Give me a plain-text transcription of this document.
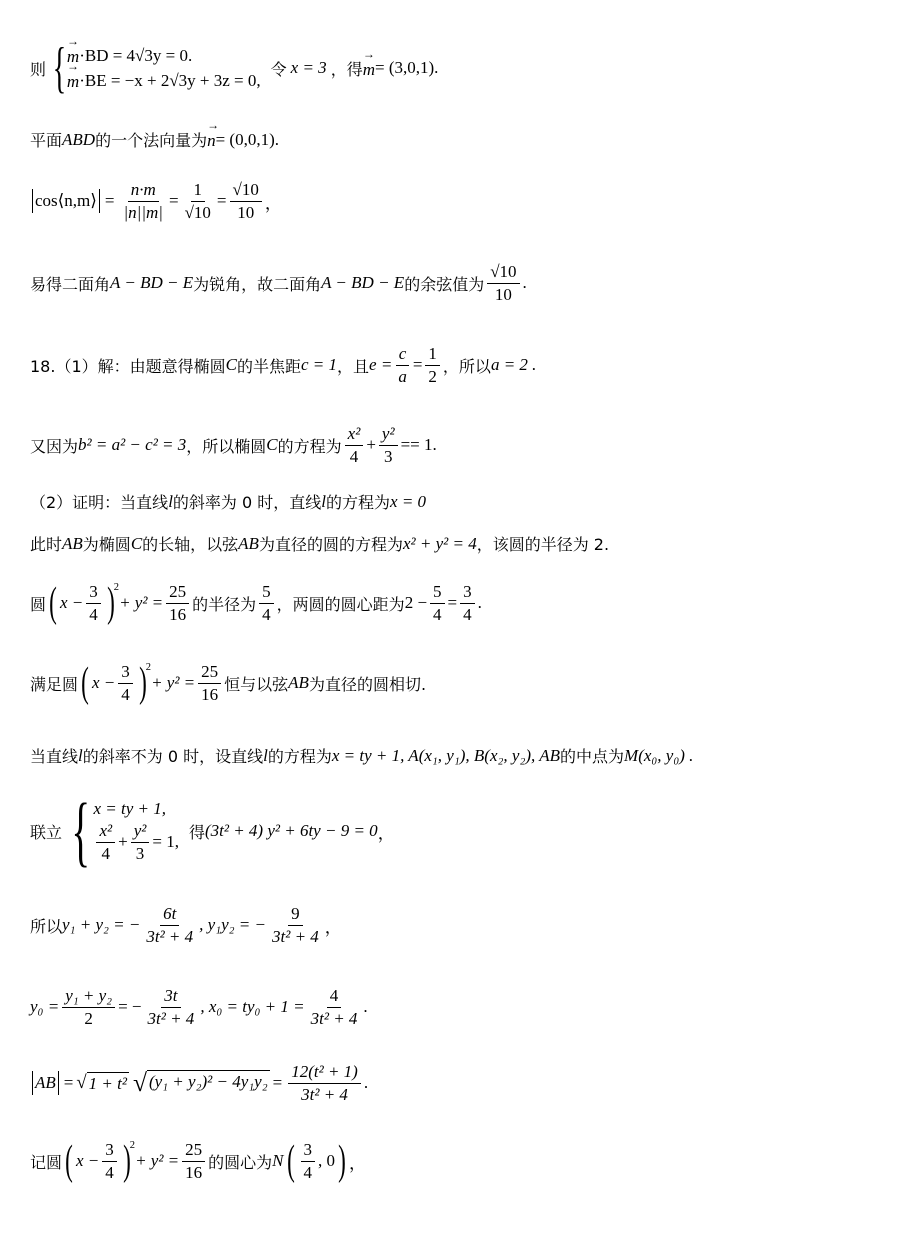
则 { → m ·BD = 4√3y = 0.
→ m ·BE = −x + 2√3y + 3z = 0,
令 x = 3 ，得 → m = (3,0,1).
平面 ABD 的一个法向量为 → n = (0,0,1).
cos⟨n,m⟩ = $\frac{n\cdot m}{|n||m|} = \frac{1}{√10} = \frac{√10}{10}$ ，
易得二面角 A − BD − E 为锐角，故二面角 A − BD − E 的余弦值为 $\frac{√10}{10}$ .
18.（1）解：由题意得椭圆 C 的半焦距 c = 1 ，且 $e = \frac{c}{a} = \frac{1}{2}$ ，所以 a = 2 .
又因为 b² = a² − c² = 3 ，所以椭圆 C 的方程为 $\frac{\text{x²}}{4} + \frac{\text{y²}}{3} == 1$.
（2）证明：当直线 l 的斜率为 0 时，直线 l 的方程为 x = 0
此时 AB 为椭圆 C 的长轴，以弦 AB 为直径的圆的方程为 x² + y² = 4 ，该圆的半径为 2.
圆 ( $x - \frac{3}{4} )^2$
+ $y^2 = \frac{25}{16}$ 的半径为 $\frac{5}{4}$ ，两圆的圆心距为 $2 - \frac{5}{4} = \frac{3}{4}$ .
满足圆 ( $x - \frac{3}{4} )^2$
+ $y^2 = \frac{25}{16}$ 恒与以弦 AB 为直径的圆相切.
当直线 l 的斜率不为 0 时，设直线 l 的方程为 x = ty + 1, A(x₁, y₁), B(x₂, y₂), AB 的中点为 M(x₀, y₀) .
联立 { x = ty + 1,
$\frac{\text{x²}}{4} + \frac{\text{y²}}{3} = 1$, 得 (3t² + 4) y² + 6ty − 9 = 0 ，
所以 y₁ + y₂ = − $\frac{6t}{\text{3t² + 4}}$ , y₁y₂ = − $\frac{9}{\text{3t² + 4}}$ ，
$y_0 = \frac{\text{y₁ + y₂}}{2}$ = − $\frac{3t}{\text{3t² + 4}}$ , $x_0 = ty_0 + 1 = \frac{4}{\text{3t² + 4}}$ .
AB = √ 1 + t² √ $(y_1 + y_2)^2 - 4y_1y_2 = \frac{\text{12(t² + 1)}}{\text{3t² + 4}}$ .
记圆 ( $x - \frac{3}{4} )^2$
+ $y^2 = \frac{25}{16}$ 的圆心为 N ( $\frac{3}{4}$ , 0 ) ，
